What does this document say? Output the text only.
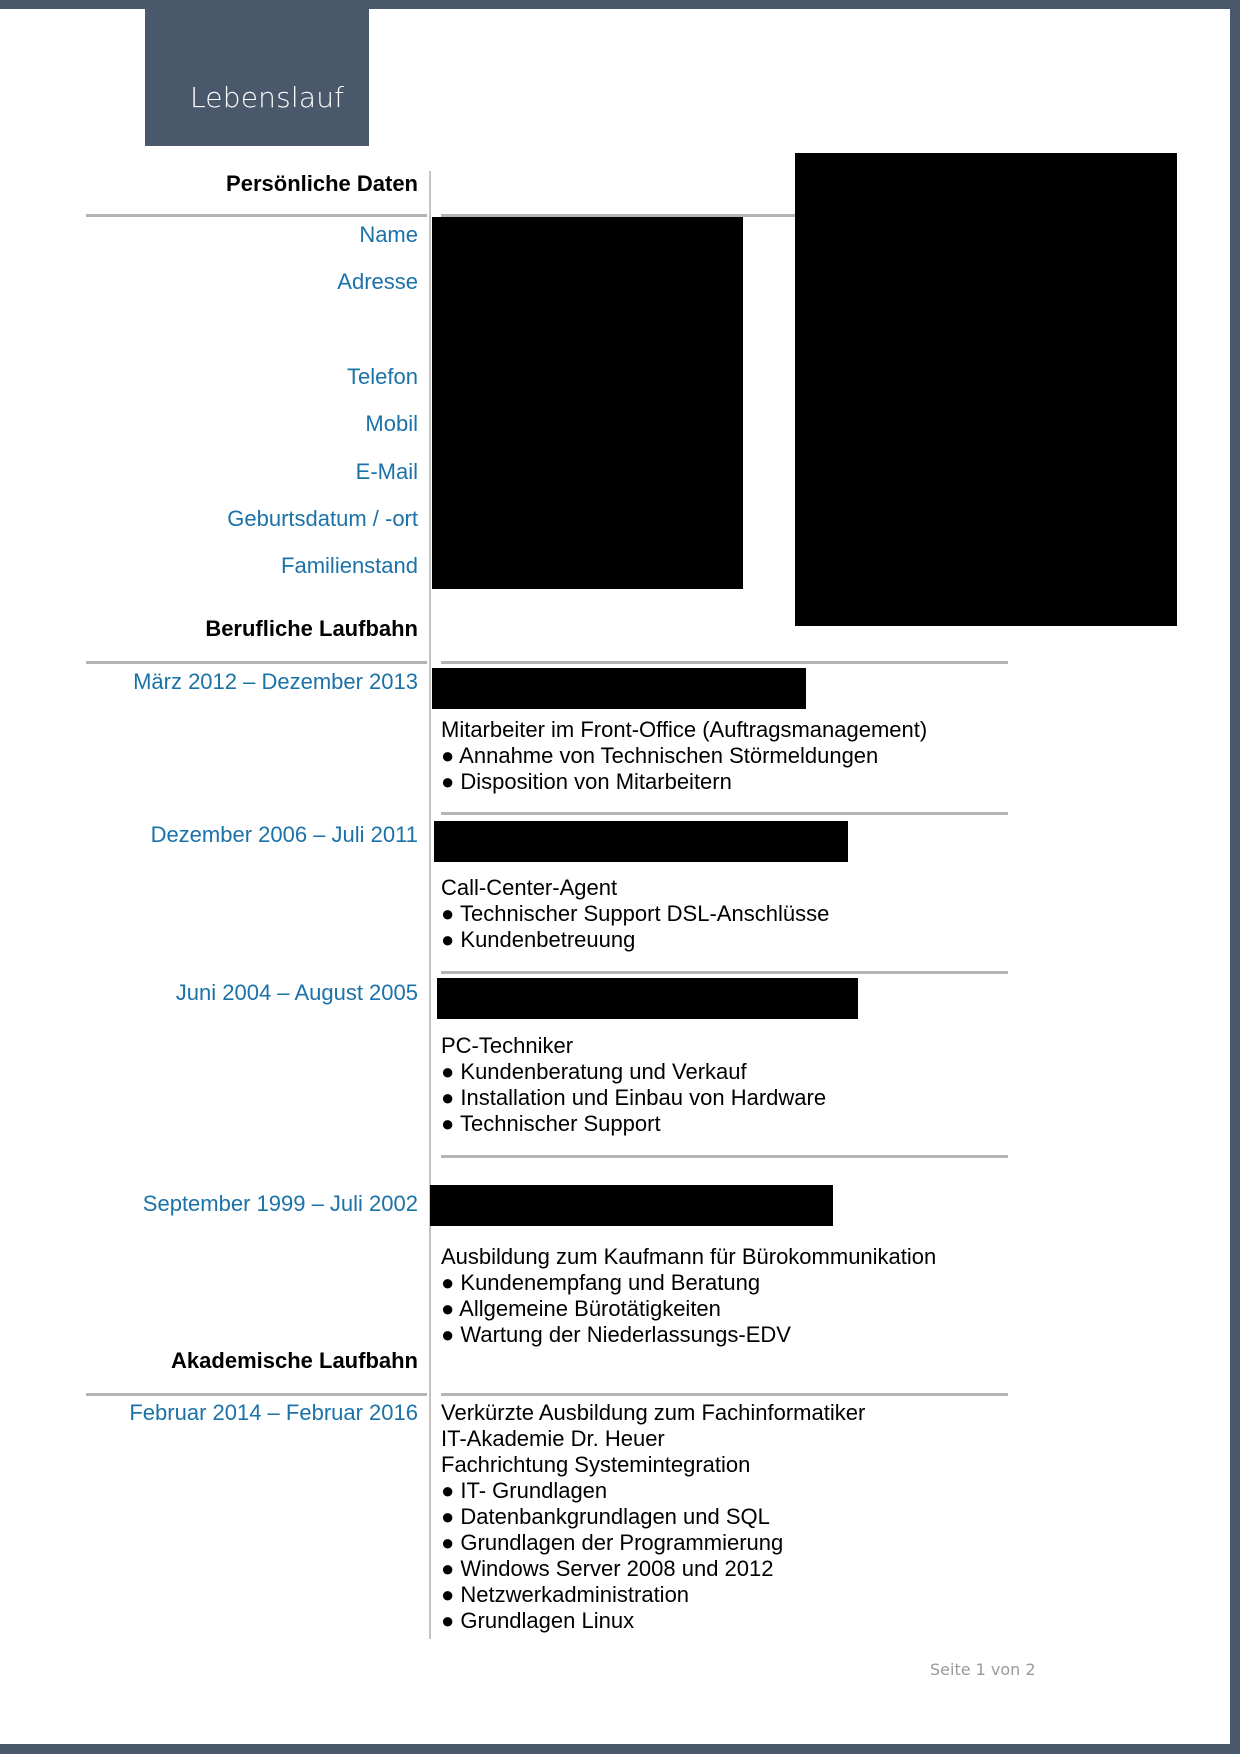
Lebenslauf
Persönliche Daten
Name
Adresse
Telefon
Mobil
E-Mail
Geburtsdatum / -ort
Familienstand
Berufliche Laufbahn
März 2012 – Dezember 2013
Mitarbeiter im Front-Office (Auftragsmanagement)
● Annahme von Technischen Störmeldungen
● Disposition von Mitarbeitern
Dezember 2006 – Juli 2011
Call-Center-Agent
● Technischer Support DSL-Anschlüsse
● Kundenbetreuung
Juni 2004 – August 2005
PC-Techniker
● Kundenberatung und Verkauf
● Installation und Einbau von Hardware
● Technischer Support
September 1999 – Juli 2002
Ausbildung zum Kaufmann für Bürokommunikation
● Kundenempfang und Beratung
● Allgemeine Bürotätigkeiten
● Wartung der Niederlassungs-EDV
Akademische Laufbahn
Februar 2014 – Februar 2016 Verkürzte Ausbildung zum Fachinformatiker
IT-Akademie Dr. Heuer
Fachrichtung Systemintegration
● IT- Grundlagen
● Datenbankgrundlagen und SQL
● Grundlagen der Programmierung
● Windows Server 2008 und 2012
● Netzwerkadministration
● Grundlagen Linux
Seite 1 von 2
